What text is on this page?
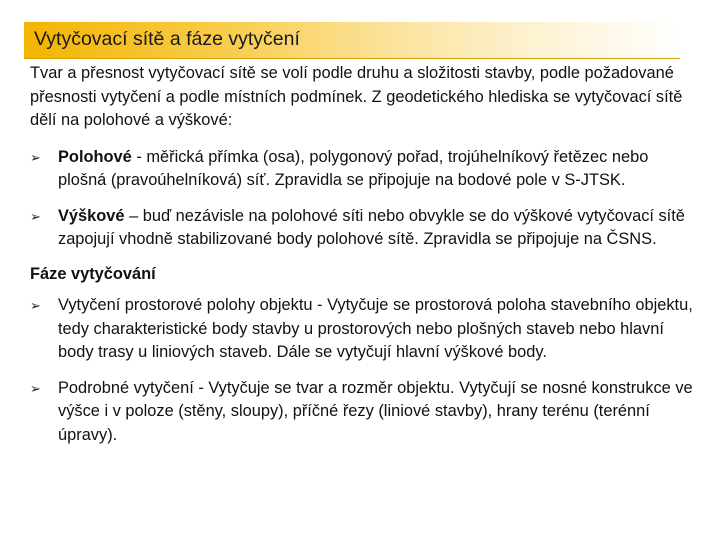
Vytyčovací sítě a fáze vytyčení

Tvar a přesnost vytyčovací sítě se volí podle druhu a složitosti stavby, podle požadované přesnosti vytyčení a podle místních podmínek. Z geodetického hlediska se vytyčovací sítě dělí na polohové a výškové:

➢ Polohové - měřická přímka (osa), polygonový pořad, trojúhelníkový řetězec nebo plošná (pravoúhelníková) síť. Zpravidla se připojuje na bodové pole v S-JTSK.
➢ Výškové – buď nezávisle na polohové síti nebo obvykle se do výškové vytyčovací sítě zapojují vhodně stabilizované body polohové sítě. Zpravidla se připojuje na ČSNS.
Fáze vytyčování
➢ Vytyčení prostorové polohy objektu - Vytyčuje se prostorová poloha stavebního objektu, tedy charakteristické body stavby u prostorových nebo plošných staveb nebo hlavní body trasy u liniových staveb. Dále se vytyčují hlavní výškové body.
➢ Podrobné vytyčení - Vytyčuje se tvar a rozměr objektu. Vytyčují se nosné konstrukce ve výšce i v poloze (stěny, sloupy), příčné řezy (liniové stavby), hrany terénu (terénní úpravy).
